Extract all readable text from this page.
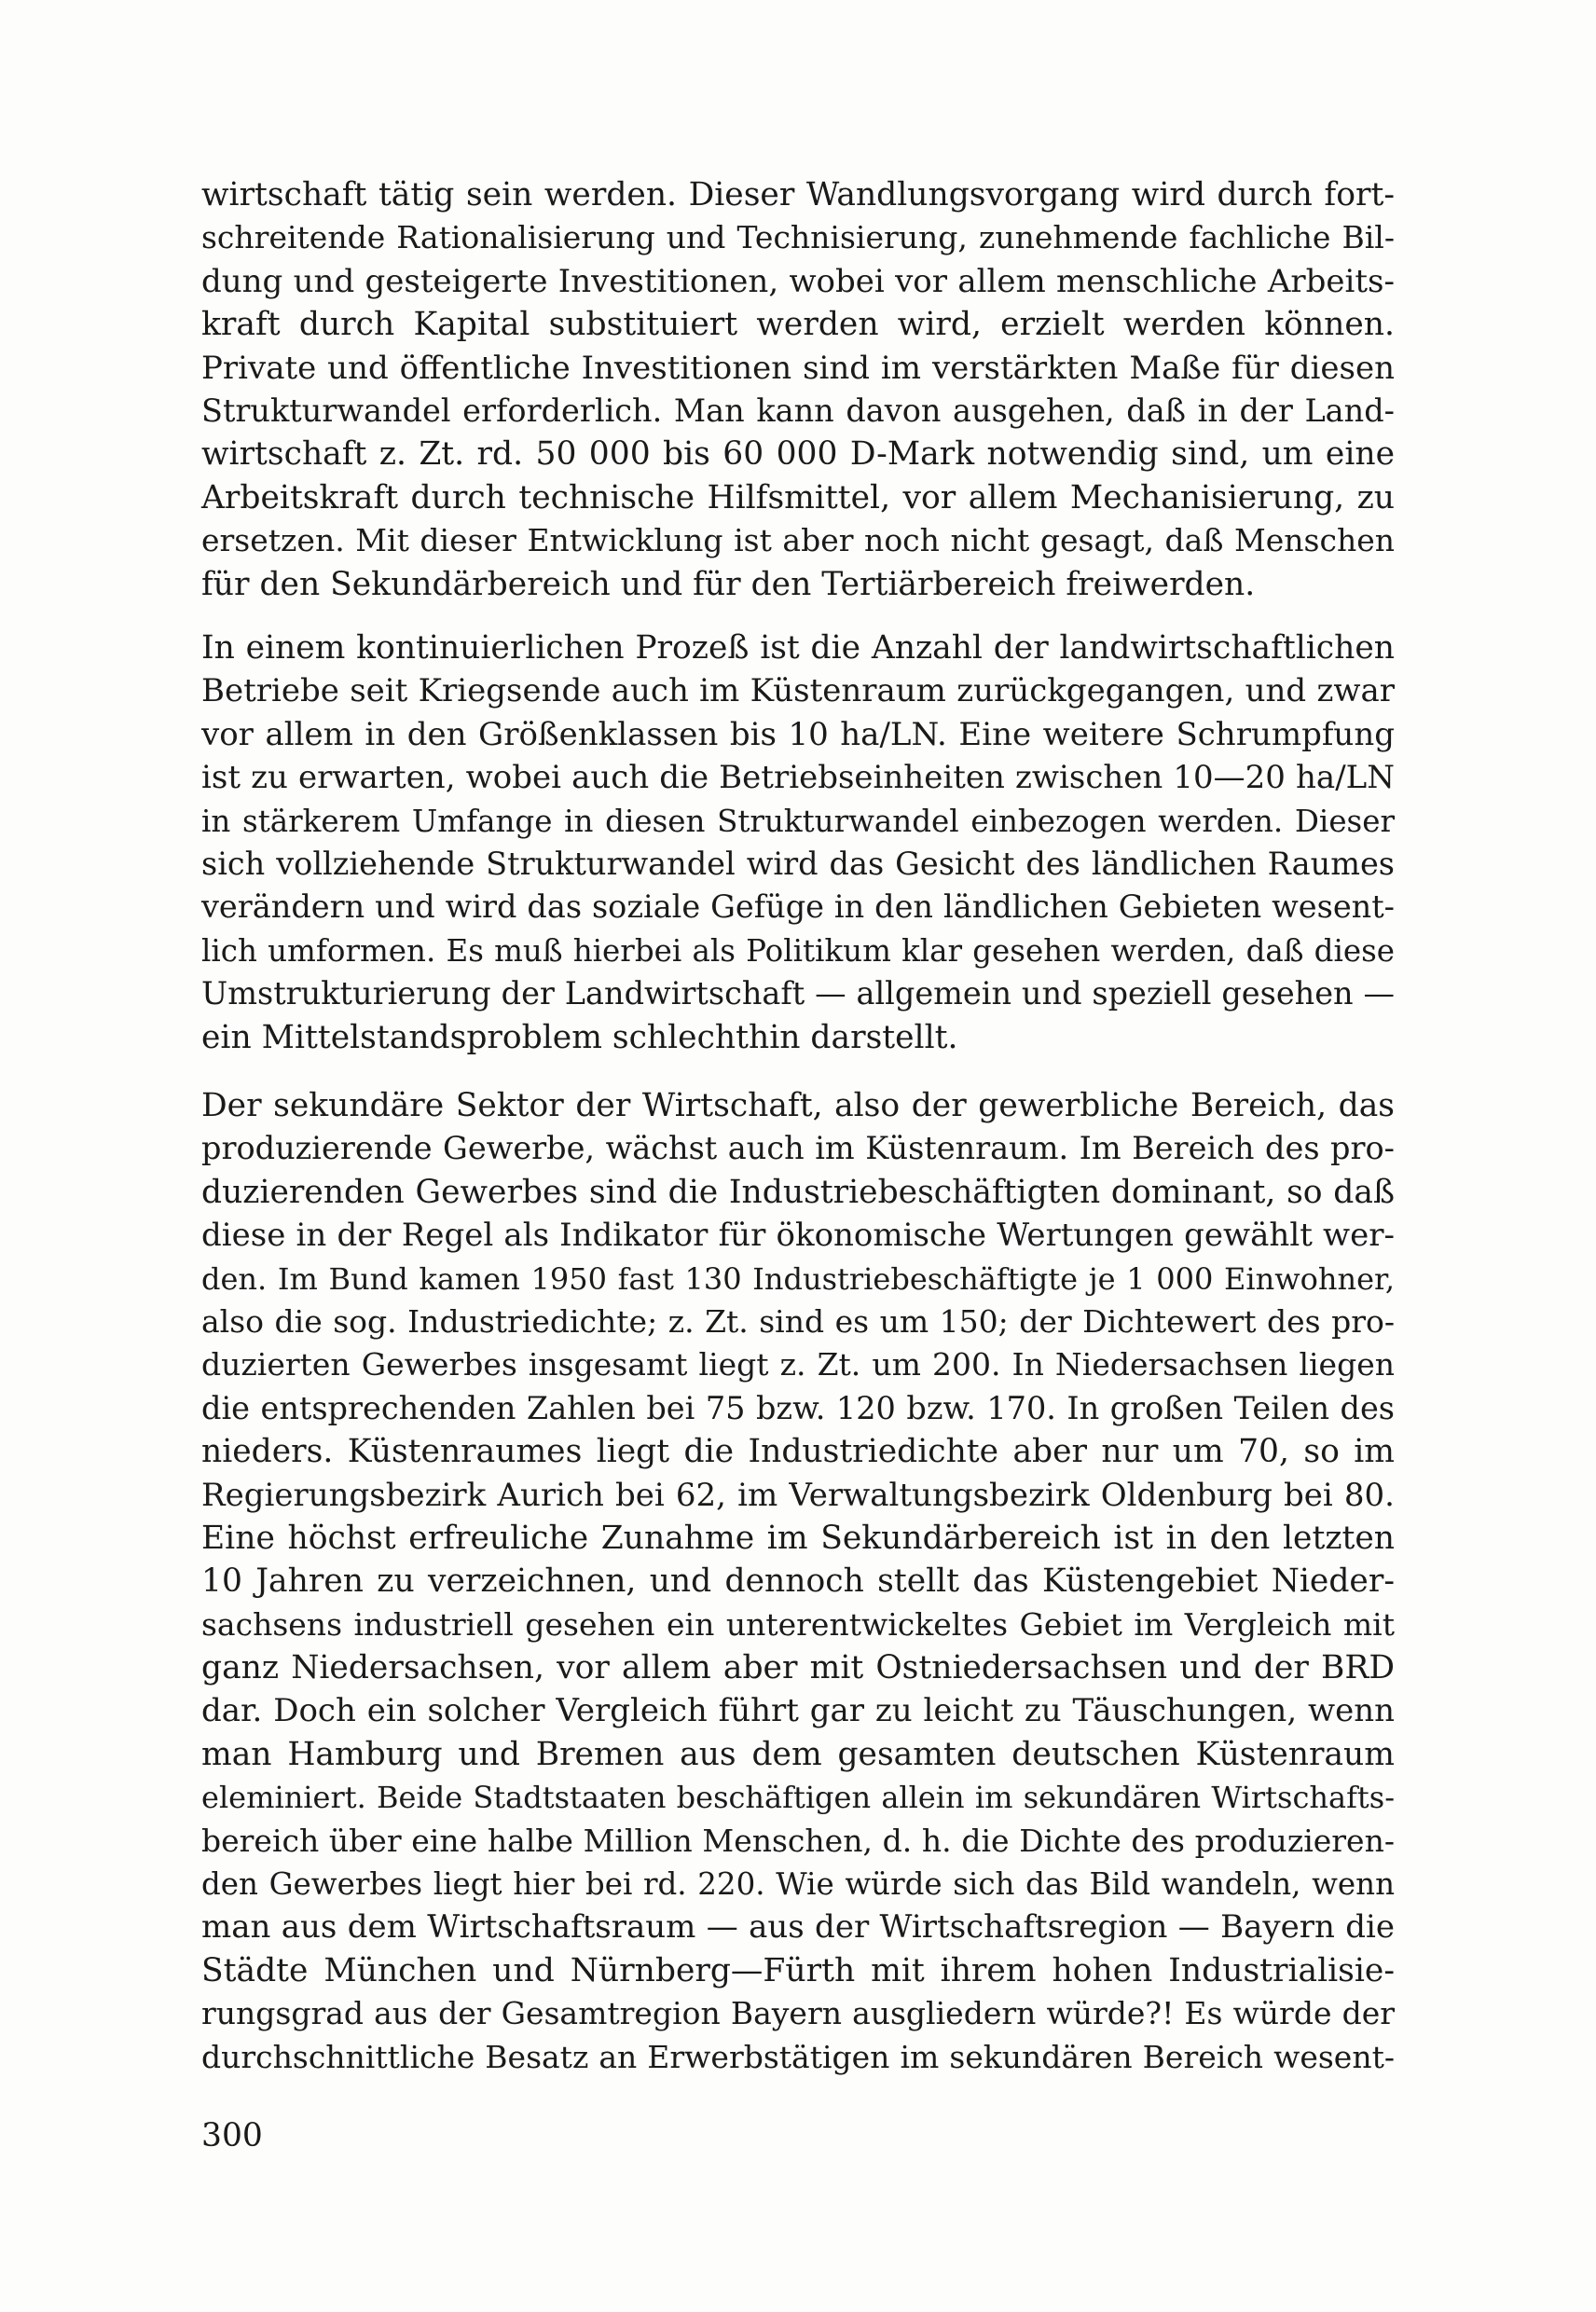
wirtschaft tätig sein werden. Dieser Wandlungsvorgang wird durch fort-
schreitende Rationalisierung und Technisierung, zunehmende fachliche Bil-
dung und gesteigerte Investitionen, wobei vor allem menschliche Arbeits-
kraft durch Kapital substituiert werden wird, erzielt werden können.
Private und öffentliche Investitionen sind im verstärkten Maße für diesen
Strukturwandel erforderlich. Man kann davon ausgehen, daß in der Land-
wirtschaft z. Zt. rd. 50 000 bis 60 000 D-Mark notwendig sind, um eine
Arbeitskraft durch technische Hilfsmittel, vor allem Mechanisierung, zu
ersetzen. Mit dieser Entwicklung ist aber noch nicht gesagt, daß Menschen
für den Sekundärbereich und für den Tertiärbereich freiwerden.
In einem kontinuierlichen Prozeß ist die Anzahl der landwirtschaftlichen
Betriebe seit Kriegsende auch im Küstenraum zurückgegangen, und zwar
vor allem in den Größenklassen bis 10 ha/LN. Eine weitere Schrumpfung
ist zu erwarten, wobei auch die Betriebseinheiten zwischen 10—20 ha/LN
in stärkerem Umfange in diesen Strukturwandel einbezogen werden. Dieser
sich vollziehende Strukturwandel wird das Gesicht des ländlichen Raumes
verändern und wird das soziale Gefüge in den ländlichen Gebieten wesent-
lich umformen. Es muß hierbei als Politikum klar gesehen werden, daß diese
Umstrukturierung der Landwirtschaft — allgemein und speziell gesehen —
ein Mittelstandsproblem schlechthin darstellt.
Der sekundäre Sektor der Wirtschaft, also der gewerbliche Bereich, das
produzierende Gewerbe, wächst auch im Küstenraum. Im Bereich des pro-
duzierenden Gewerbes sind die Industriebeschäftigten dominant, so daß
diese in der Regel als Indikator für ökonomische Wertungen gewählt wer-
den. Im Bund kamen 1950 fast 130 Industriebeschäftigte je 1 000 Einwohner,
also die sog. Industriedichte; z. Zt. sind es um 150; der Dichtewert des pro-
duzierten Gewerbes insgesamt liegt z. Zt. um 200. In Niedersachsen liegen
die entsprechenden Zahlen bei 75 bzw. 120 bzw. 170. In großen Teilen des
nieders. Küstenraumes liegt die Industriedichte aber nur um 70, so im
Regierungsbezirk Aurich bei 62, im Verwaltungsbezirk Oldenburg bei 80.
Eine höchst erfreuliche Zunahme im Sekundärbereich ist in den letzten
10 Jahren zu verzeichnen, und dennoch stellt das Küstengebiet Nieder-
sachsens industriell gesehen ein unterentwickeltes Gebiet im Vergleich mit
ganz Niedersachsen, vor allem aber mit Ostniedersachsen und der BRD
dar. Doch ein solcher Vergleich führt gar zu leicht zu Täuschungen, wenn
man Hamburg und Bremen aus dem gesamten deutschen Küstenraum
eleminiert. Beide Stadtstaaten beschäftigen allein im sekundären Wirtschafts-
bereich über eine halbe Million Menschen, d. h. die Dichte des produzieren-
den Gewerbes liegt hier bei rd. 220. Wie würde sich das Bild wandeln, wenn
man aus dem Wirtschaftsraum — aus der Wirtschaftsregion — Bayern die
Städte München und Nürnberg—Fürth mit ihrem hohen Industrialisie-
rungsgrad aus der Gesamtregion Bayern ausgliedern würde?! Es würde der
durchschnittliche Besatz an Erwerbstätigen im sekundären Bereich wesent-
300
